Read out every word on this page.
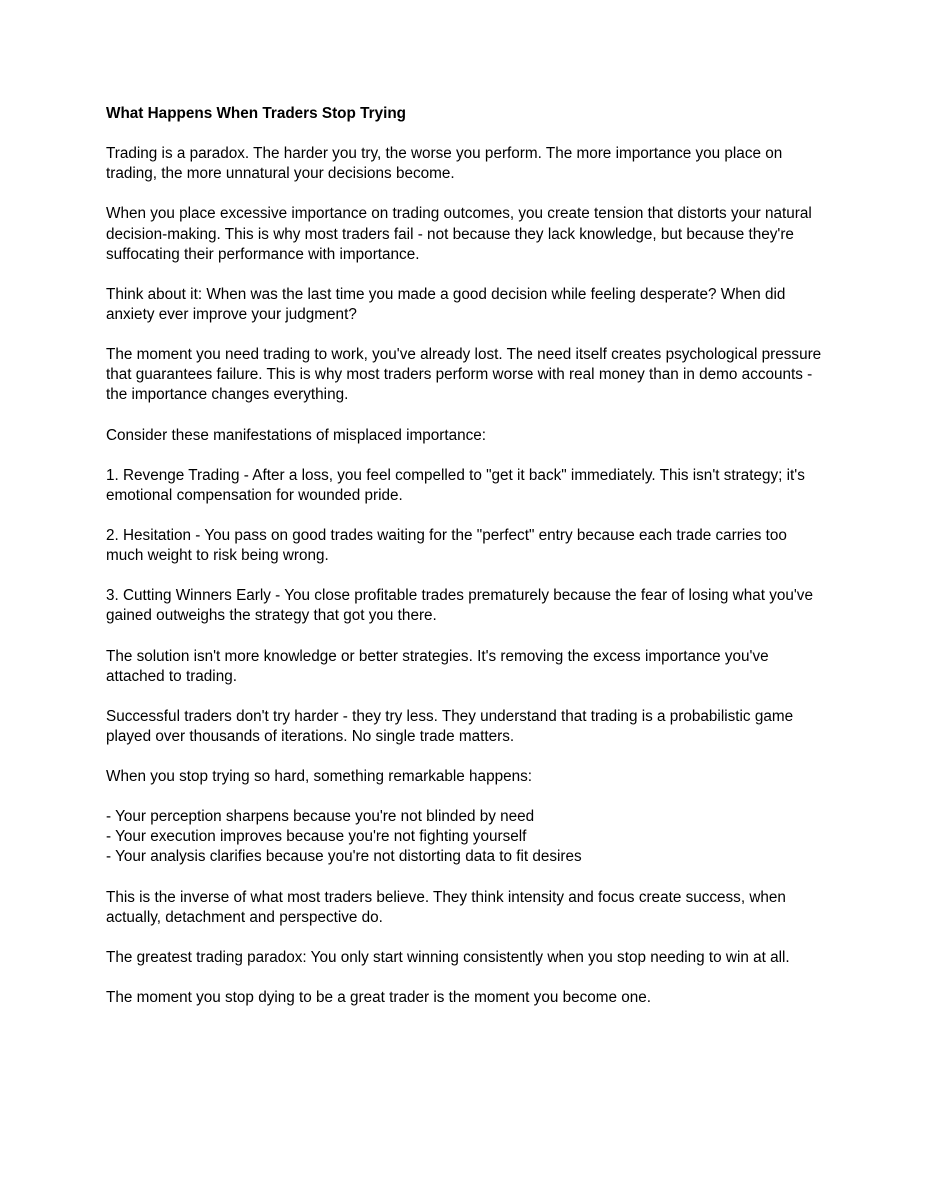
What Happens When Traders Stop Trying
Trading is a paradox. The harder you try, the worse you perform. The more importance you place on trading, the more unnatural your decisions become.
When you place excessive importance on trading outcomes, you create tension that distorts your natural decision-making. This is why most traders fail - not because they lack knowledge, but because they're suffocating their performance with importance.
Think about it: When was the last time you made a good decision while feeling desperate? When did anxiety ever improve your judgment?
The moment you need trading to work, you've already lost. The need itself creates psychological pressure that guarantees failure. This is why most traders perform worse with real money than in demo accounts - the importance changes everything.
Consider these manifestations of misplaced importance:
1. Revenge Trading - After a loss, you feel compelled to "get it back" immediately. This isn't strategy; it's emotional compensation for wounded pride.
2. Hesitation - You pass on good trades waiting for the "perfect" entry because each trade carries too much weight to risk being wrong.
3. Cutting Winners Early - You close profitable trades prematurely because the fear of losing what you've gained outweighs the strategy that got you there.
The solution isn't more knowledge or better strategies. It's removing the excess importance you've attached to trading.
Successful traders don't try harder - they try less. They understand that trading is a probabilistic game played over thousands of iterations. No single trade matters.
When you stop trying so hard, something remarkable happens:
- Your perception sharpens because you're not blinded by need
- Your execution improves because you're not fighting yourself
- Your analysis clarifies because you're not distorting data to fit desires
This is the inverse of what most traders believe. They think intensity and focus create success, when actually, detachment and perspective do.
The greatest trading paradox: You only start winning consistently when you stop needing to win at all.
The moment you stop dying to be a great trader is the moment you become one.
